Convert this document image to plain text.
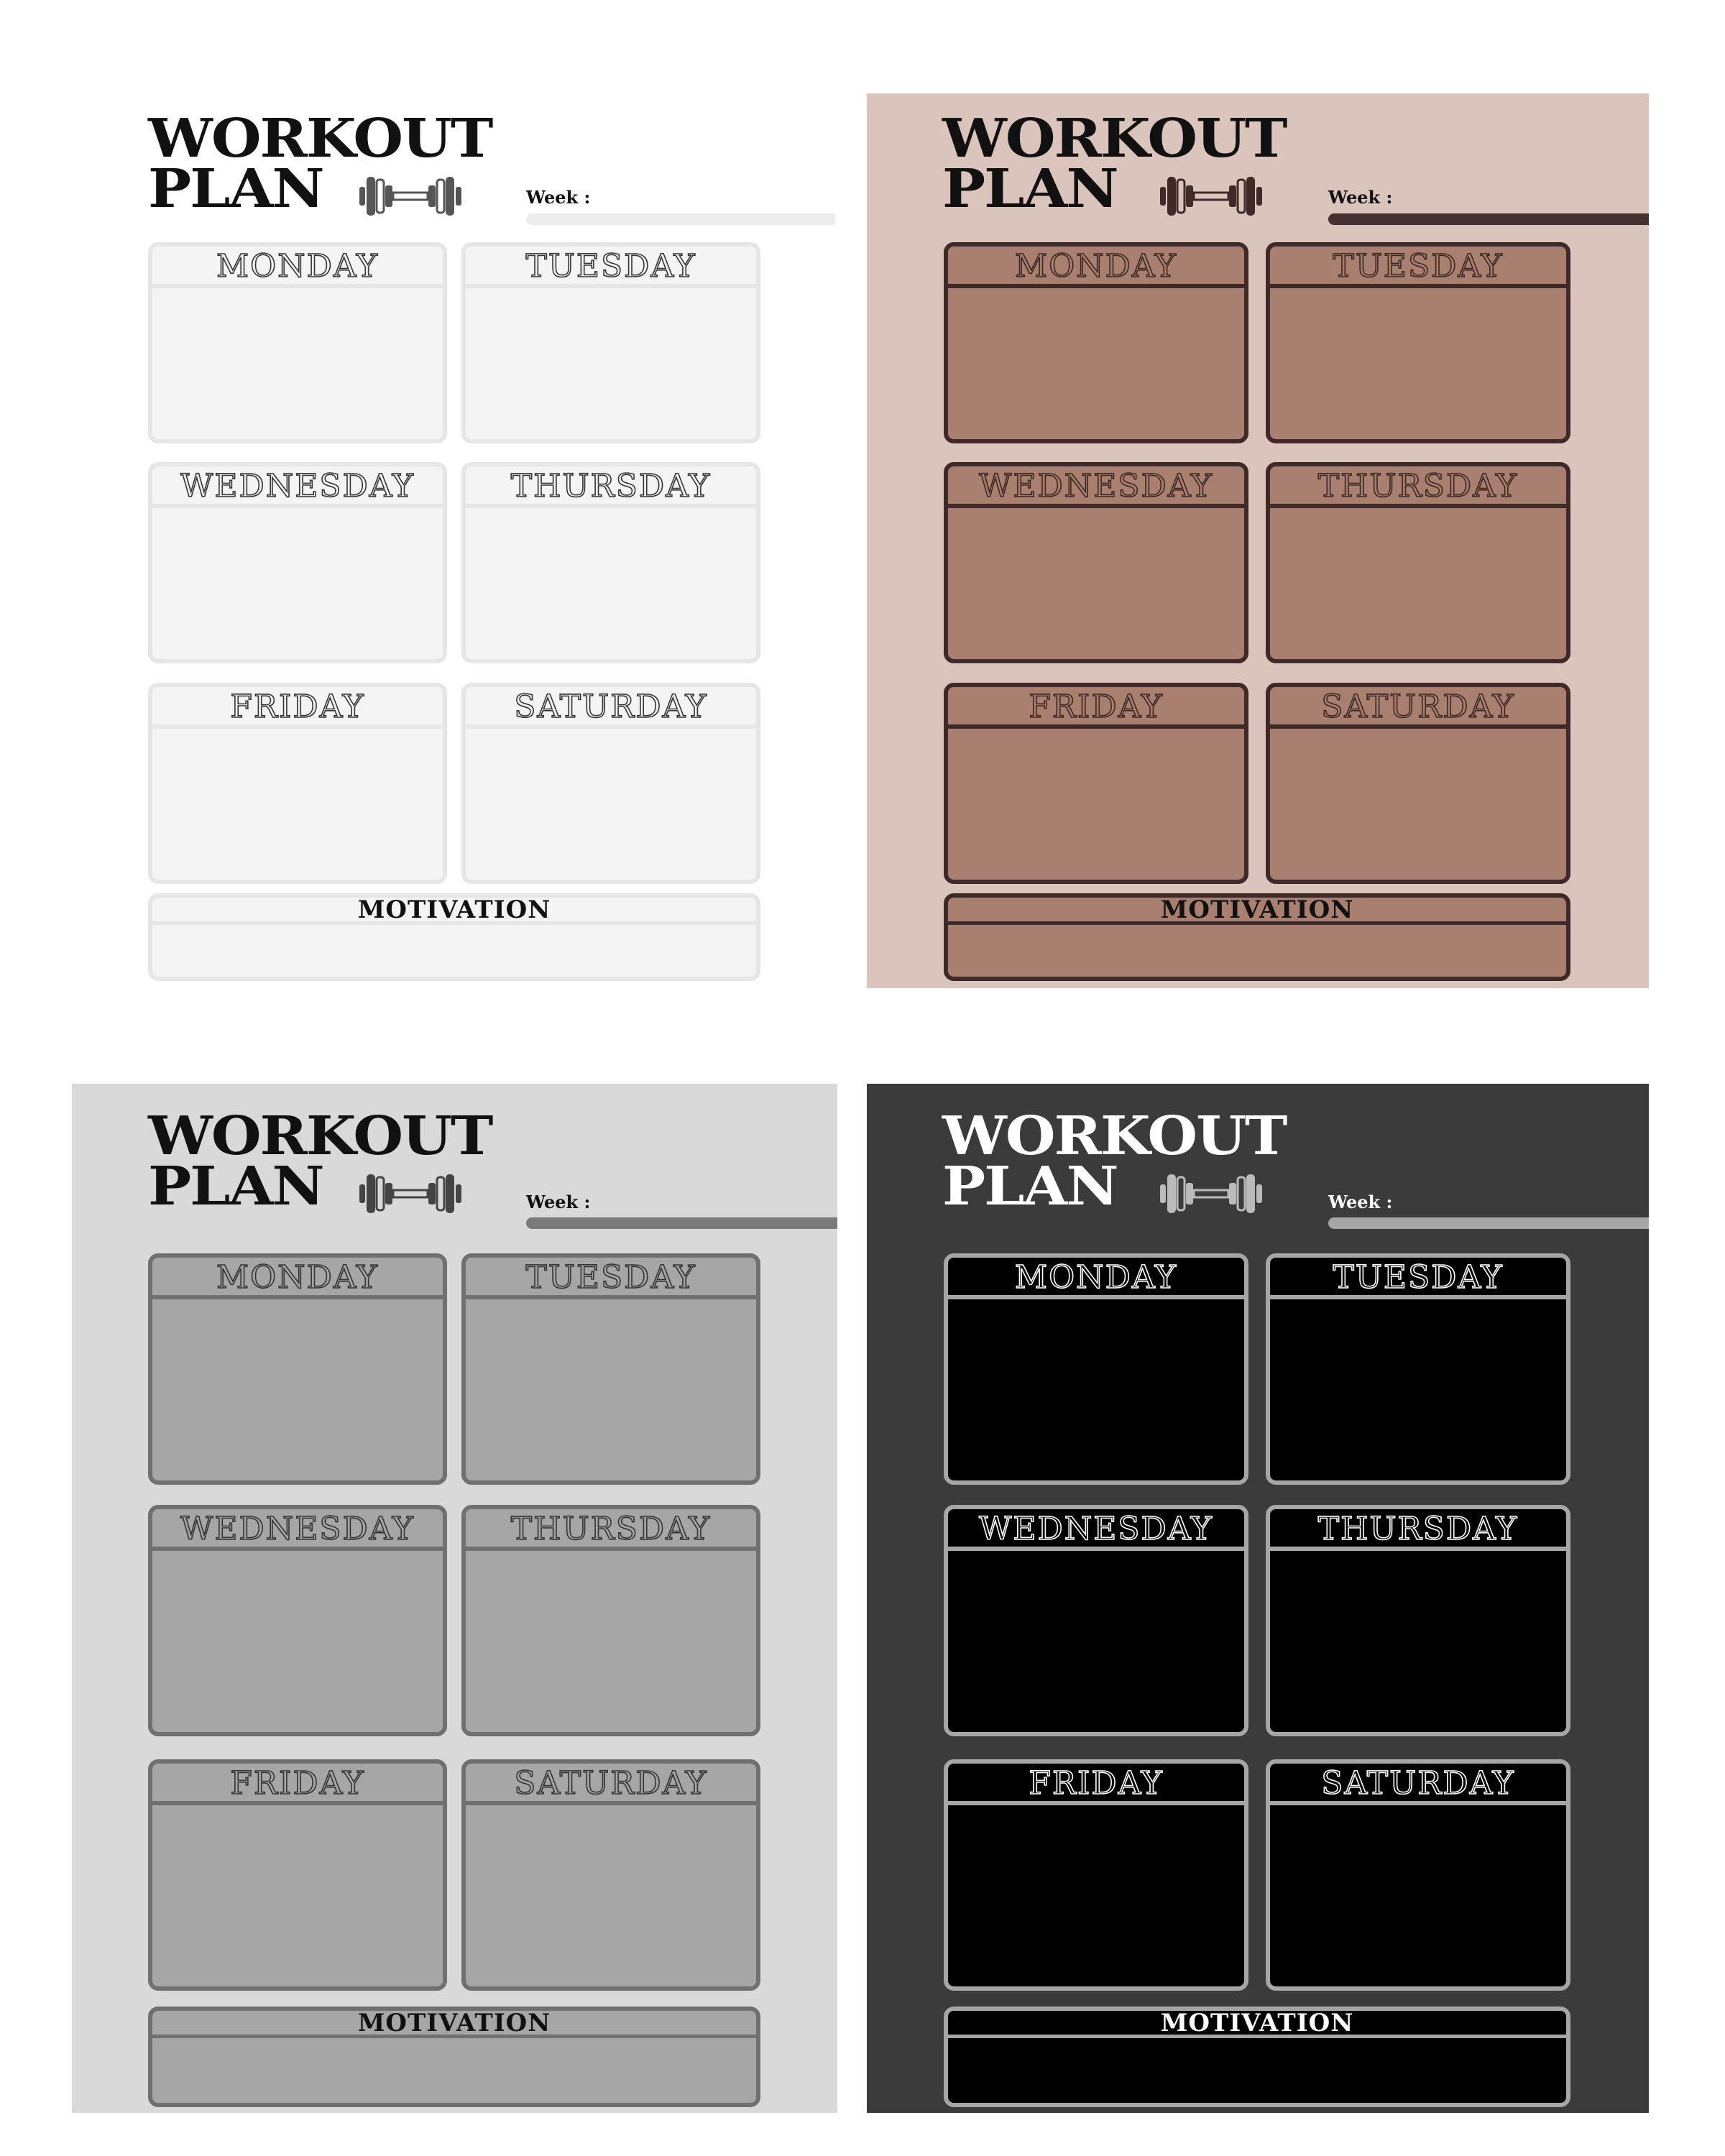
WORKOUT
PLAN	Week :
MONDAY	TUESDAY
WEDNESDAY	THURSDAY
FRIDAY	SATURDAY
MOTIVATION
WORKOUT
PLAN	Week :
MONDAY	TUESDAY
WEDNESDAY	THURSDAY
FRIDAY	SATURDAY
MOTIVATION
WORKOUT
PLAN	Week :
MONDAY	TUESDAY
WEDNESDAY	THURSDAY
FRIDAY	SATURDAY
MOTIVATION
WORKOUT
PLAN	Week :
MONDAY	TUESDAY
WEDNESDAY	THURSDAY
FRIDAY	SATURDAY
MOTIVATION
